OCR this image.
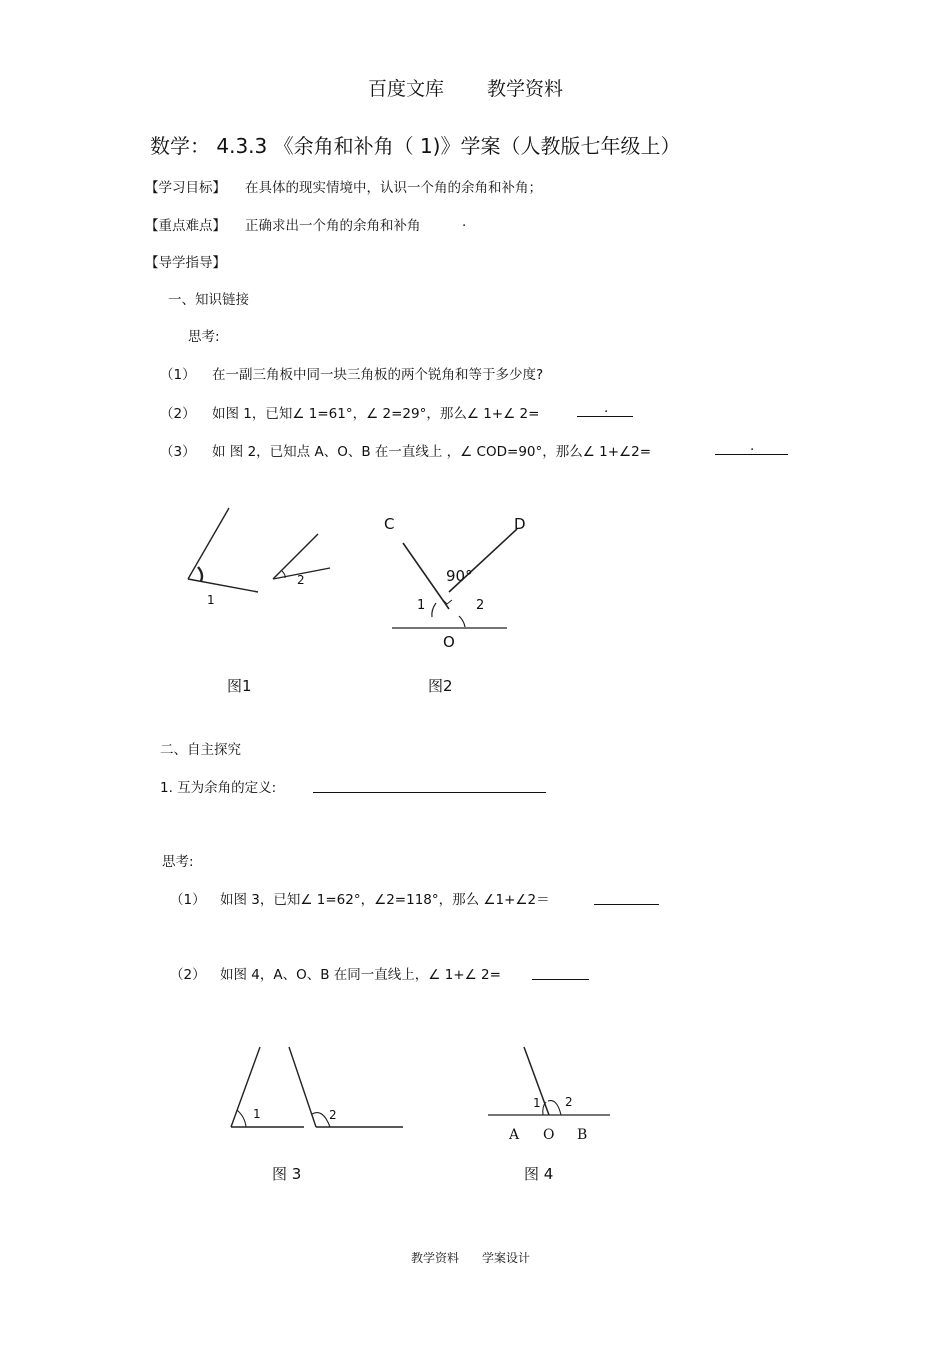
百度文库 教学资料
数学： 4.3.3 《余角和补角（ 1)》学案（人教版七年级上）
【学习目标】 在具体的现实情境中，认识一个角的余角和补角；
【重点难点】 正确求出一个角的余角和补角	.
【导学指导】
一、知识链接
思考:
（1） 在一副三角板中同一块三角板的两个锐角和等于多少度?
（2） 如图 1，已知∠ 1=61°，∠ 2=29°，那么∠ 1+∠ 2=	.
（3） 如 图 2，已知点 A、O、B 在一直线上 ，∠ COD=90°，那么∠ 1+∠2=	.
二、自主探究
1. 互为余角的定义:
思考:
（1） 如图 3，已知∠ 1=62°，∠2=118°，那么 ∠1+∠2＝
（2） 如图 4，A、O、B 在同一直线上，∠ 1+∠ 2=
1
2
图1
C	D
90°
1	2
O
图2
1	2
图 3
1 2
A O B
图 4
教学资料 学案设计
